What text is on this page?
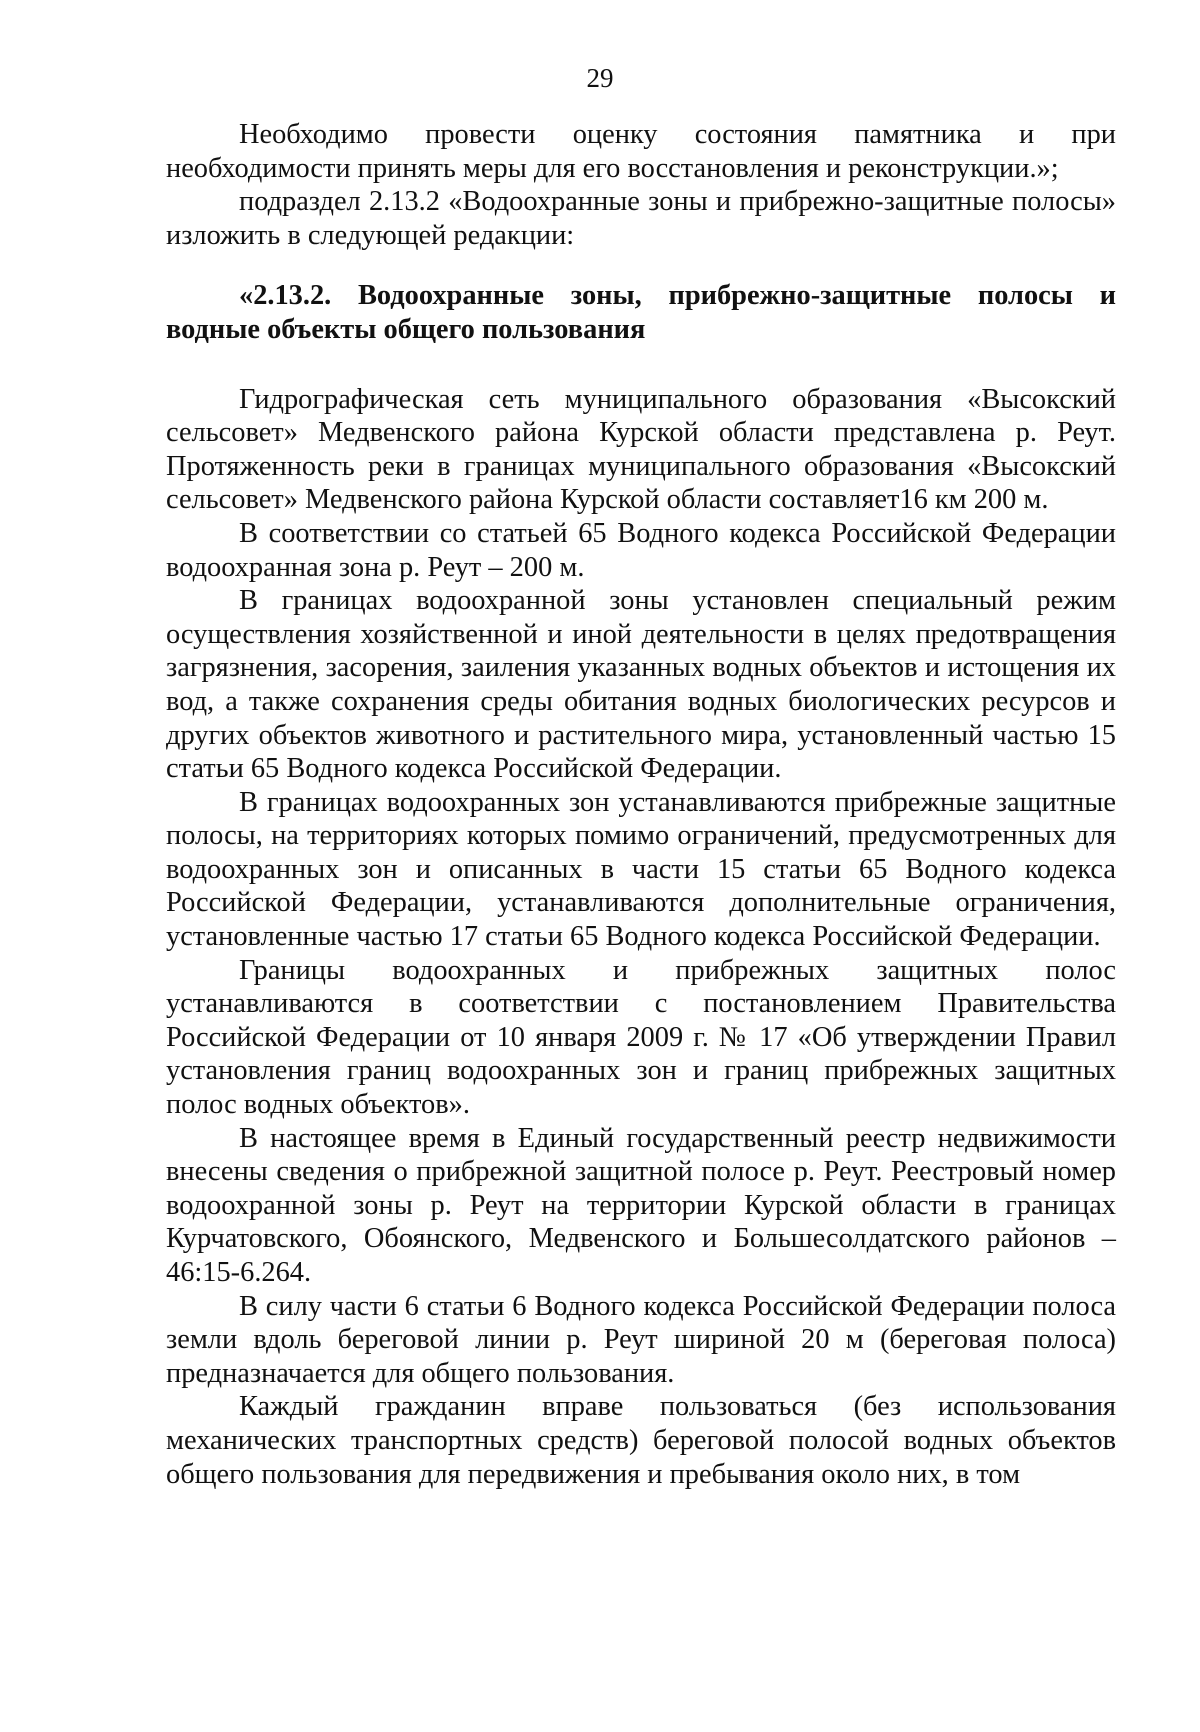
29

Необходимо провести оценку состояния памятника и при необходимости принять меры для его восстановления и реконструкции.»;

подраздел 2.13.2 «Водоохранные зоны и прибрежно-защитные полосы» изложить в следующей редакции:

«2.13.2. Водоохранные зоны, прибрежно-защитные полосы и водные объекты общего пользования

Гидрографическая сеть муниципального образования «Высокский сельсовет» Медвенского района Курской области представлена р. Реут. Протяженность реки в границах муниципального образования «Высокский сельсовет» Медвенского района Курской области составляет16 км 200 м.

В соответствии со статьей 65 Водного кодекса Российской Федерации водоохранная зона р. Реут – 200 м.

В границах водоохранной зоны установлен специальный режим осуществления хозяйственной и иной деятельности в целях предотвращения загрязнения, засорения, заиления указанных водных объектов и истощения их вод, а также сохранения среды обитания водных биологических ресурсов и других объектов животного и растительного мира, установленный частью 15 статьи 65 Водного кодекса Российской Федерации.

В границах водоохранных зон устанавливаются прибрежные защитные полосы, на территориях которых помимо ограничений, предусмотренных для водоохранных зон и описанных в части 15 статьи 65 Водного кодекса Российской Федерации, устанавливаются дополнительные ограничения, установленные частью 17 статьи 65 Водного кодекса Российской Федерации.

Границы водоохранных и прибрежных защитных полос устанавливаются в соответствии с постановлением Правительства Российской Федерации от 10 января 2009 г. № 17 «Об утверждении Правил установления границ водоохранных зон и границ прибрежных защитных полос водных объектов».

В настоящее время в Единый государственный реестр недвижимости внесены сведения о прибрежной защитной полосе р. Реут. Реестровый номер водоохранной зоны р. Реут на территории Курской области в границах Курчатовского, Обоянского, Медвенского и Большесолдатского районов – 46:15-6.264.

В силу части 6 статьи 6 Водного кодекса Российской Федерации полоса земли вдоль береговой линии р. Реут шириной 20 м (береговая полоса) предназначается для общего пользования.

Каждый гражданин вправе пользоваться (без использования механических транспортных средств) береговой полосой водных объектов общего пользования для передвижения и пребывания около них, в том
